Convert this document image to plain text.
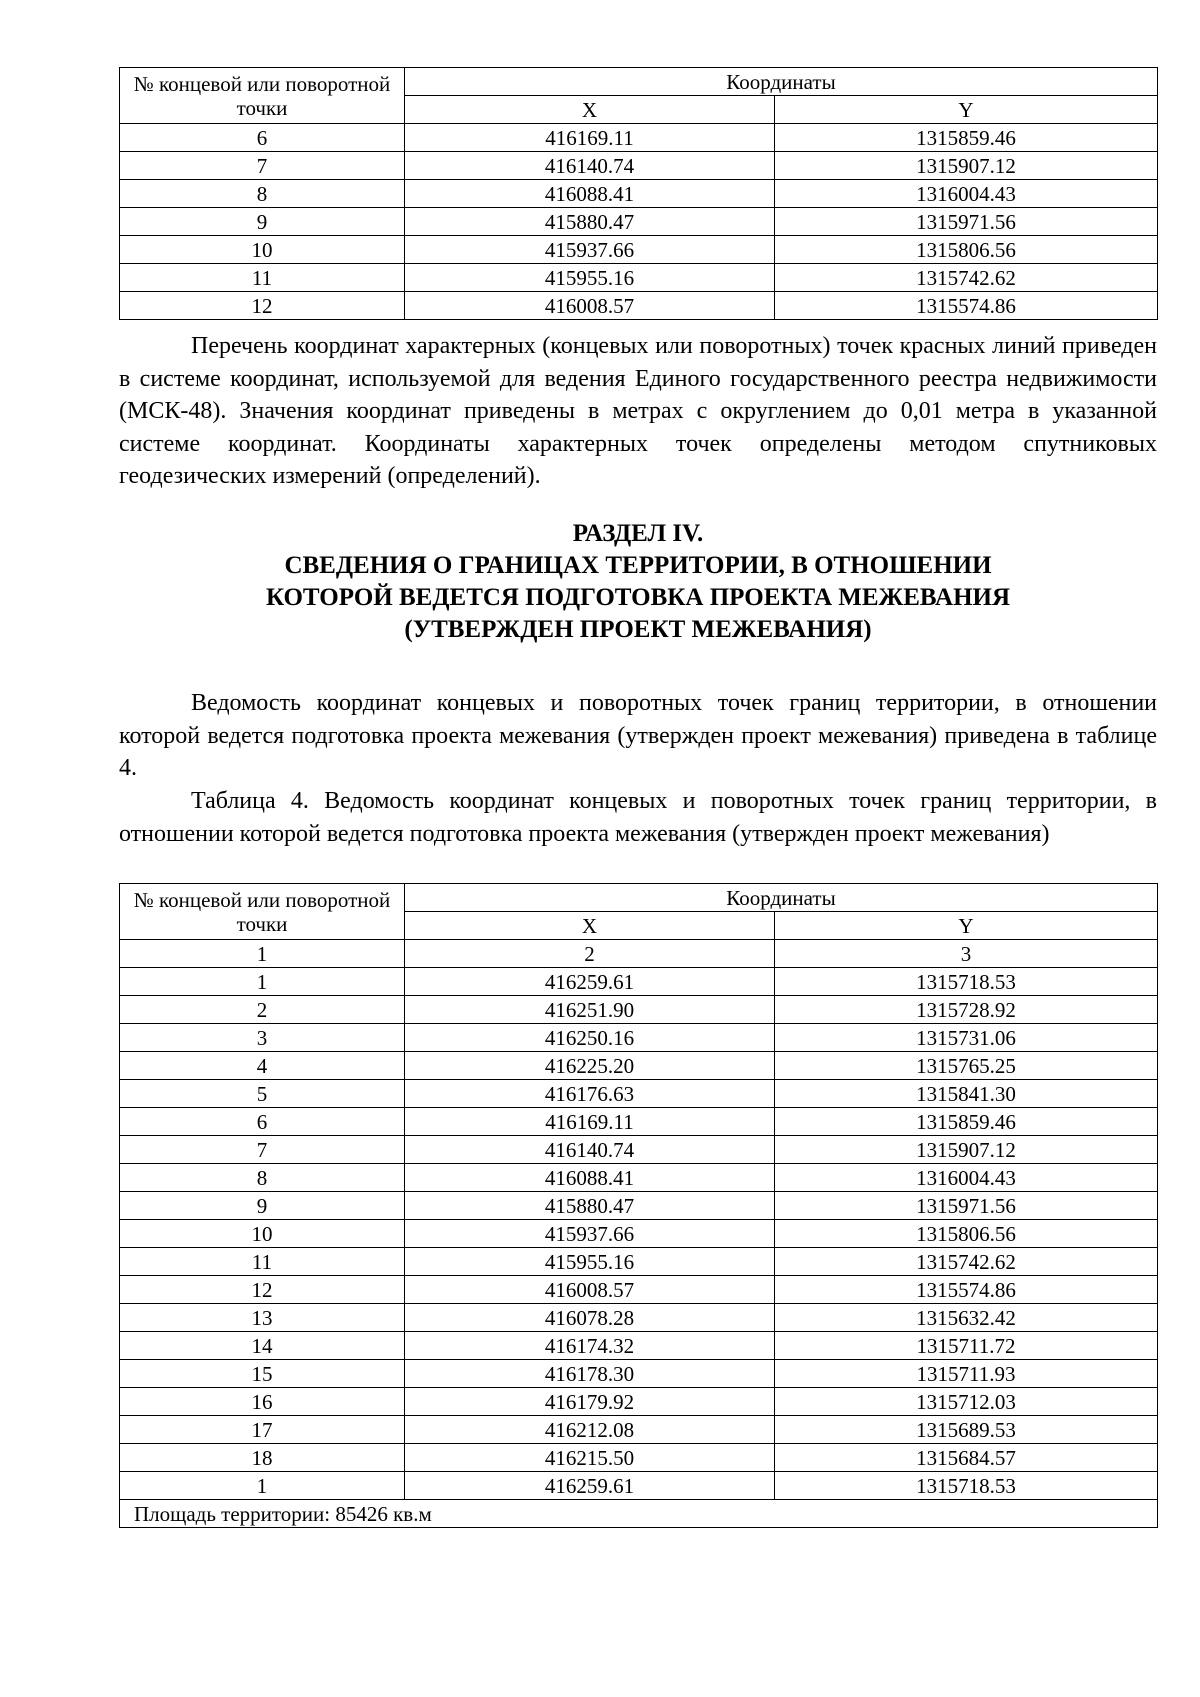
№ концевой или поворотной точки	Координаты	
	X	Y
6	416169.11	1315859.46
7	416140.74	1315907.12
8	416088.41	1316004.43
9	415880.47	1315971.56
10	415937.66	1315806.56
11	415955.16	1315742.62
12	416008.57	1315574.86

Перечень координат характерных (концевых или поворотных) точек красных линий приведен в системе координат, используемой для ведения Единого государственного реестра недвижимости (МСК-48). Значения координат приведены в метрах с округлением до 0,01 метра в указанной системе координат. Координаты характерных точек определены методом спутниковых геодезических измерений (определений).

РАЗДЕЛ IV.

СВЕДЕНИЯ О ГРАНИЦАХ ТЕРРИТОРИИ, В ОТНОШЕНИИ

КОТОРОЙ ВЕДЕТСЯ ПОДГОТОВКА ПРОЕКТА МЕЖЕВАНИЯ

(УТВЕРЖДЕН ПРОЕКТ МЕЖЕВАНИЯ)

Ведомость координат концевых и поворотных точек границ территории, в отношении которой ведется подготовка проекта межевания (утвержден проект межевания) приведена в таблице 4.

Таблица 4. Ведомость координат концевых и поворотных точек границ территории, в отношении которой ведется подготовка проекта межевания (утвержден проект межевания)

№ концевой или поворотной точки	Координаты	
	X	Y
1	2	3
1	416259.61	1315718.53
2	416251.90	1315728.92
3	416250.16	1315731.06
4	416225.20	1315765.25
5	416176.63	1315841.30
6	416169.11	1315859.46
7	416140.74	1315907.12
8	416088.41	1316004.43
9	415880.47	1315971.56
10	415937.66	1315806.56
11	415955.16	1315742.62
12	416008.57	1315574.86
13	416078.28	1315632.42
14	416174.32	1315711.72
15	416178.30	1315711.93
16	416179.92	1315712.03
17	416212.08	1315689.53
18	416215.50	1315684.57
1	416259.61	1315718.53
Площадь территории: 85426 кв.м		
